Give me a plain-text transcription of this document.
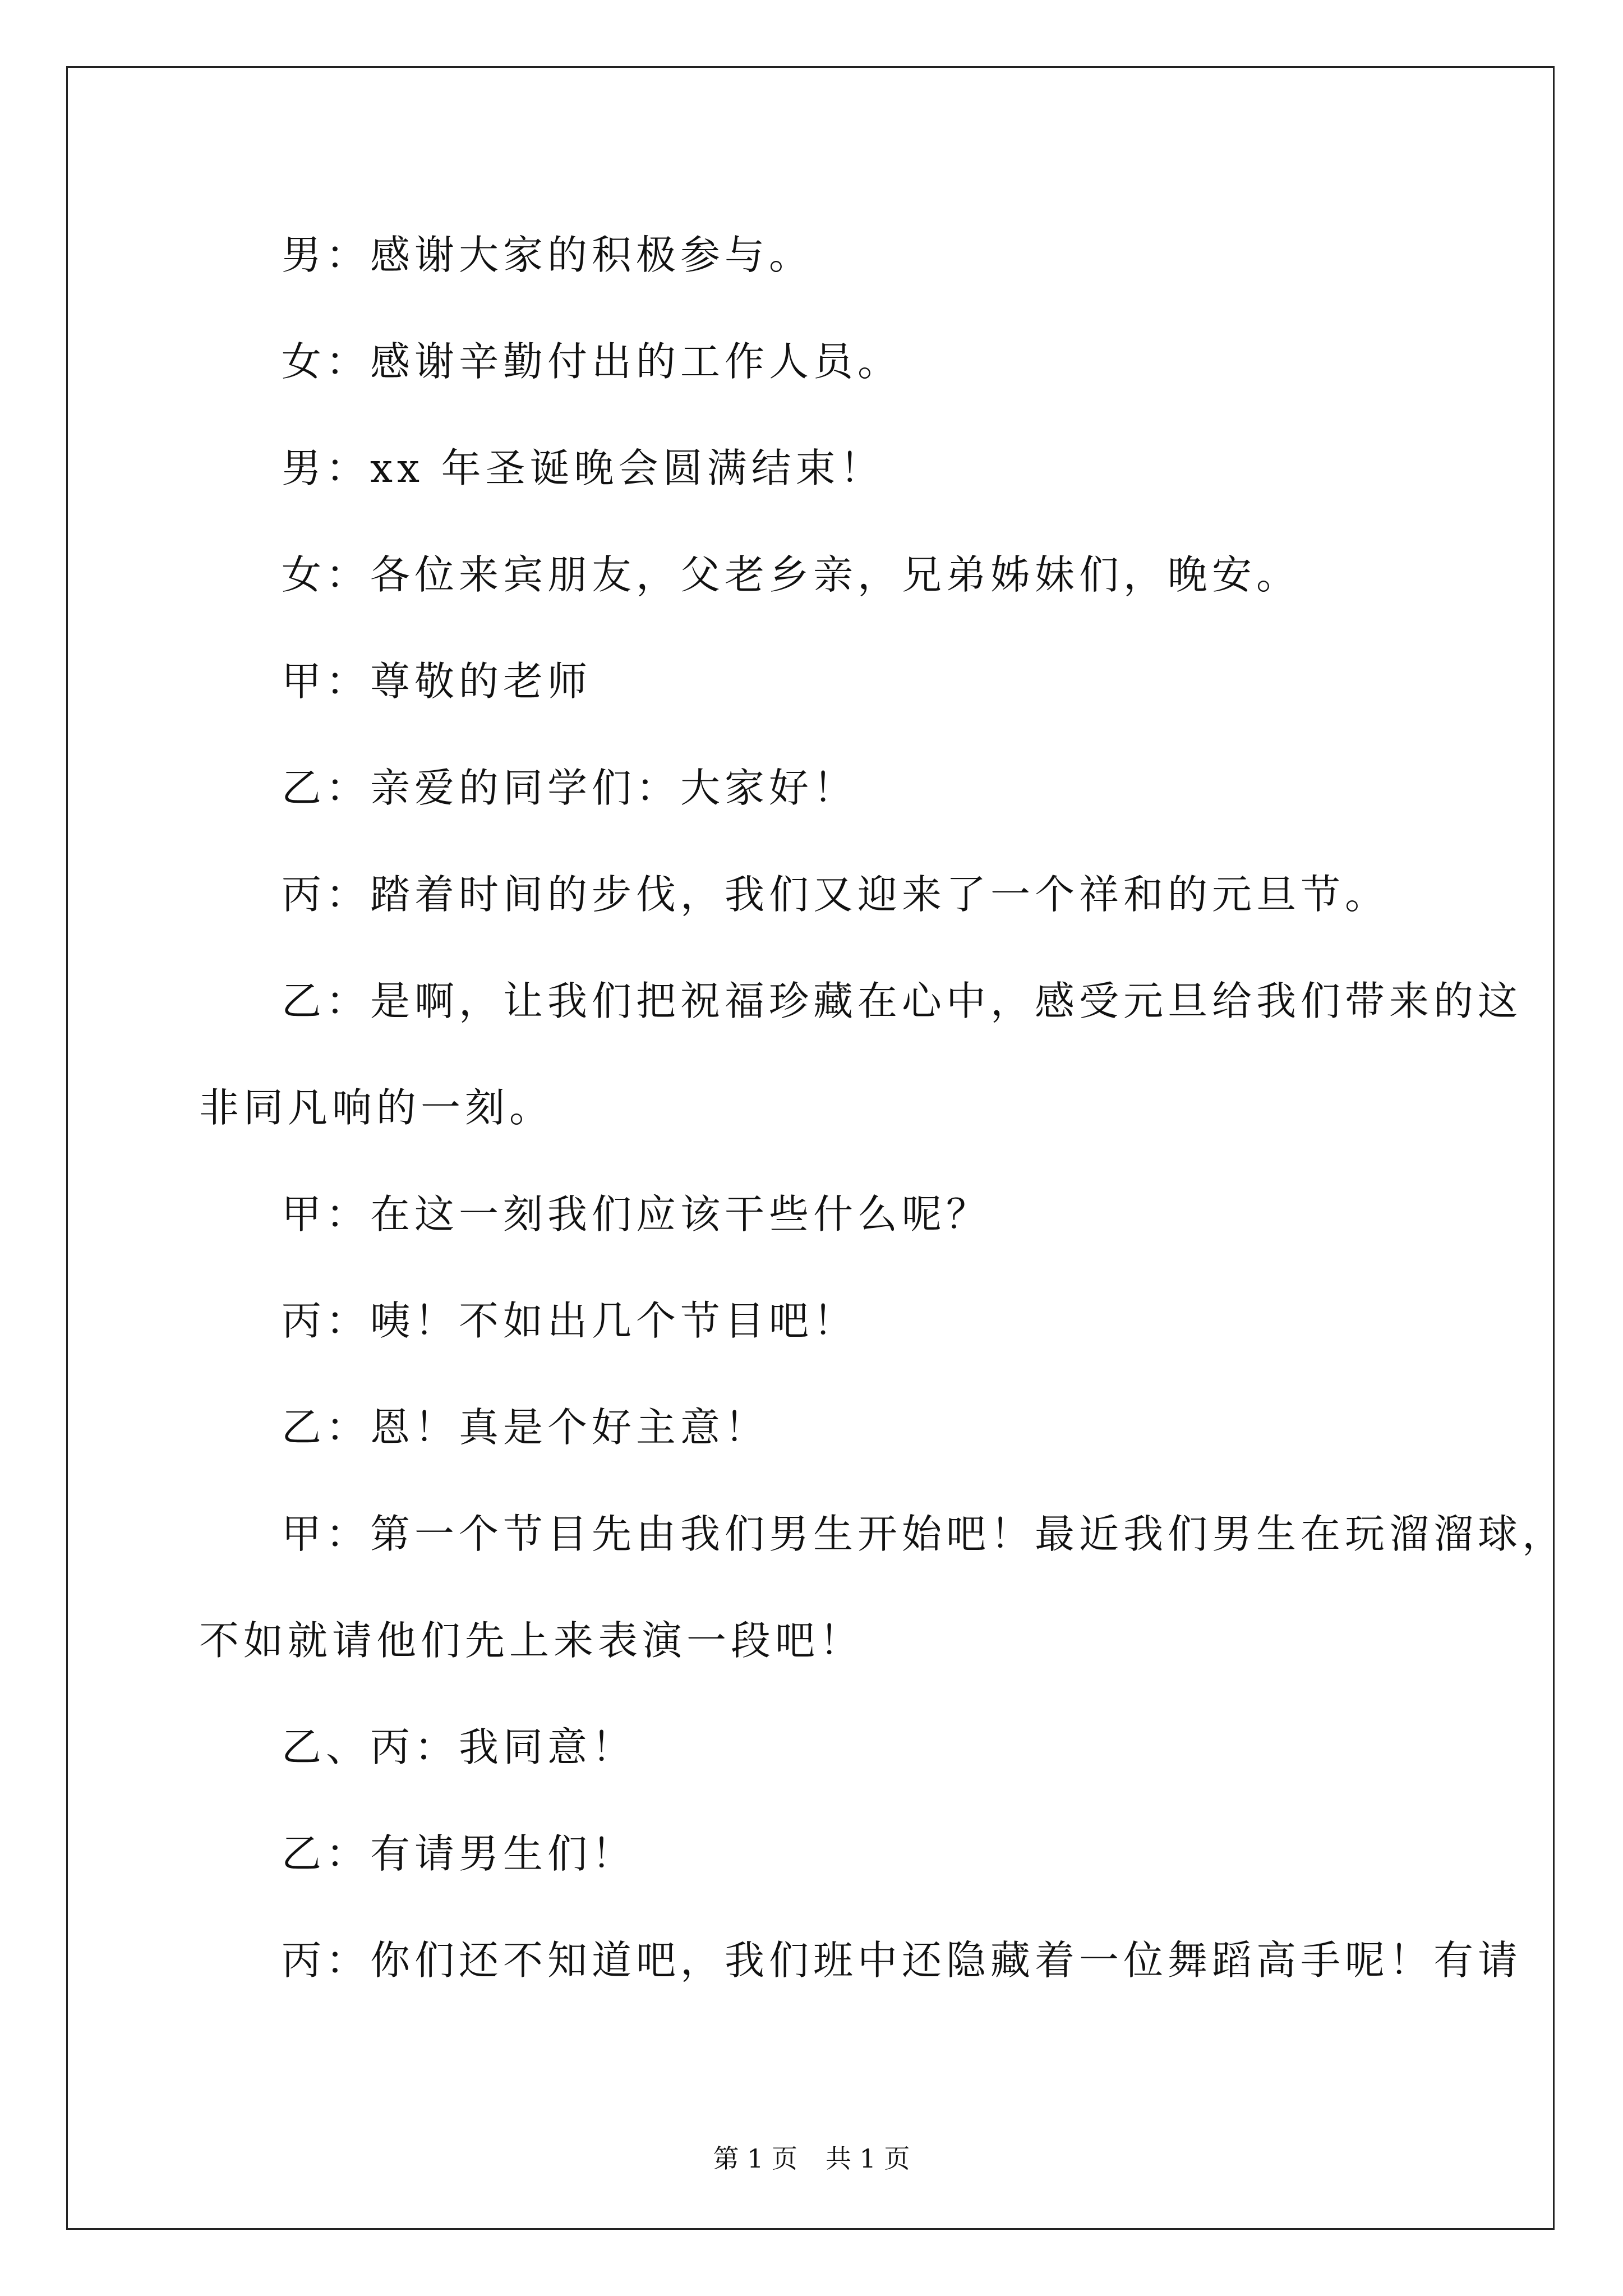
男：感谢大家的积极参与。
女：感谢辛勤付出的工作人员。
男：xx 年圣诞晚会圆满结束！
女：各位来宾朋友，父老乡亲，兄弟姊妹们，晚安。
甲：尊敬的老师
乙：亲爱的同学们：大家好！
丙：踏着时间的步伐，我们又迎来了一个祥和的元旦节。
乙：是啊，让我们把祝福珍藏在心中，感受元旦给我们带来的这
非同凡响的一刻。
甲：在这一刻我们应该干些什么呢？
丙：咦！不如出几个节目吧！
乙：恩！真是个好主意！
甲：第一个节目先由我们男生开始吧！最近我们男生在玩溜溜球，
不如就请他们先上来表演一段吧！
乙、丙：我同意！
乙：有请男生们！
丙：你们还不知道吧，我们班中还隐藏着一位舞蹈高手呢！有请
第 1 页 共 1 页
